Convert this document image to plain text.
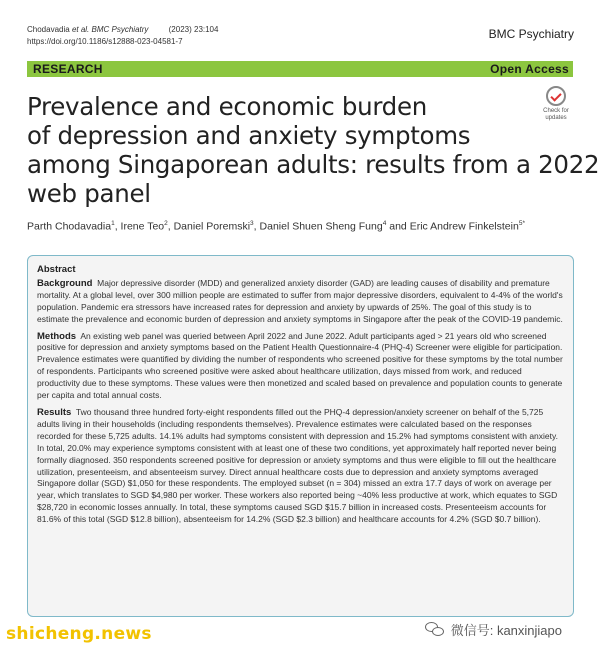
Chodavadia et al. BMC Psychiatry	(2023) 23:104
https://doi.org/10.1186/s12888-023-04581-7
BMC Psychiatry
RESEARCH	Open Access
Prevalence and economic burden
of depression and anxiety symptoms
among Singaporean adults: results from a 2022
web panel
Check for
updates
Parth Chodavadia$^1$, Irene Teo$^2$, Daniel Poremski$^3$, Daniel Shuen Sheng Fung$^4$ and Eric Andrew Finkelstein$^{5*}$
Abstract

Background Major depressive disorder (MDD) and generalized anxiety disorder (GAD) are leading causes of disability and premature mortality. At a global level, over 300 million people are estimated to suffer from major depressive disorders, equivalent to 4-4% of the world's population. Pandemic era stressors have increased rates for depression and anxiety by upwards of 25%. The goal of this study is to estimate the prevalence and economic burden of depression and anxiety symptoms in Singapore after the peak of the COVID-19 pandemic.

Methods An existing web panel was queried between April 2022 and June 2022. Adult participants aged > 21 years old who screened positive for depression and anxiety symptoms based on the Patient Health Questionnaire-4 (PHQ-4) Screener were eligible for participation. Prevalence estimates were quantified by dividing the number of respondents who screened positive for these symptoms by the total number of respondents. Participants who screened positive were asked about healthcare utilization, days missed from work, and reduced productivity due to these symptoms. These values were then monetized and scaled based on prevalence and population counts to generate per capita and total annual costs.

Results Two thousand three hundred forty-eight respondents filled out the PHQ-4 depression/anxiety screener on behalf of the 5,725 adults living in their households (including respondents themselves). Prevalence estimates were calculated based on the responses recorded for these 5,725 adults. 14.1% adults had symptoms consistent with depression and 15.2% had symptoms consistent with anxiety. In total, 20.0% may experience symptoms consistent with at least one of these two conditions, yet approximately half reported never being formally diagnosed. 350 respondents screened positive for depression or anxiety symptoms and thus were eligible to fill out the healthcare utilization, presenteeism, and absenteeism survey. Direct annual healthcare costs due to depression and anxiety symptoms averaged Singapore dollar (SGD) $1,050 for these respondents. The employed subset (n = 304) missed an extra 17.7 days of work on average per year, which translates to SGD $4,980 per worker. These workers also reported being ~40% less productive at work, which equates to SGD $28,720 in economic losses annually. In total, these symptoms caused SGD $15.7 billion in increased costs. Presenteeism accounts for 81.6% of this total (SGD $12.8 billion), absenteeism for 14.2% (SGD $2.3 billion) and healthcare accounts for 4.2% (SGD $0.7 billion).

shicheng.news	微信号: kanxinjiapo
